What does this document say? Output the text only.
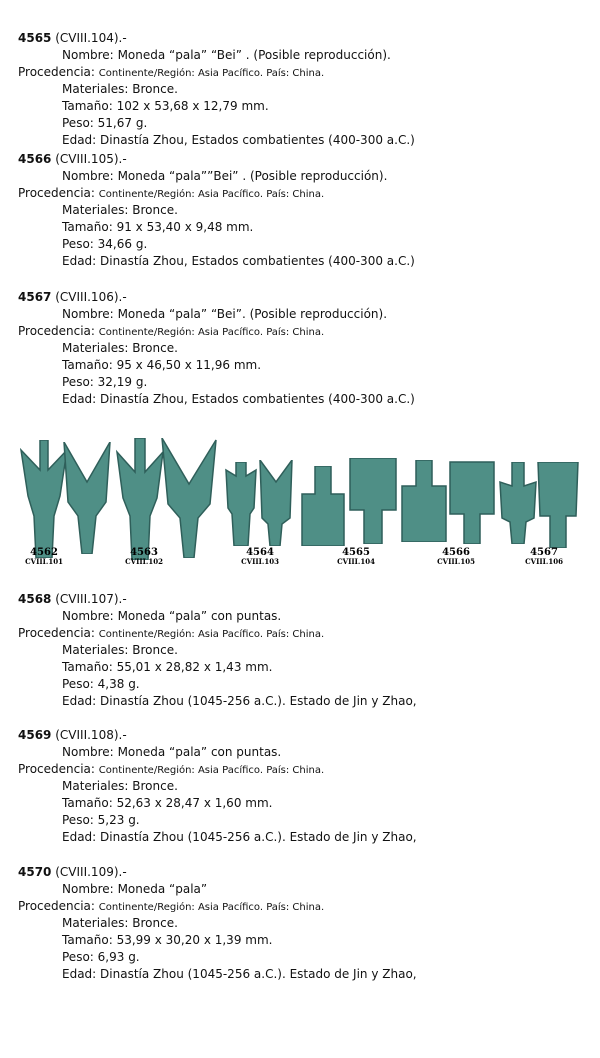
4565 (CVIII.104).-
Nombre: Moneda “pala” “Bei” . (Posible reproducción).
Procedencia: Continente/Región: Asia Pacífico. País: China.
Materiales: Bronce.
Tamaño: 102 x 53,68 x 12,79 mm.
Peso: 51,67 g.
Edad: Dinastía Zhou, Estados combatientes (400-300 a.C.)
4566 (CVIII.105).-
Nombre: Moneda “pala””Bei” . (Posible reproducción).
Procedencia: Continente/Región: Asia Pacífico. País: China.
Materiales: Bronce.
Tamaño: 91 x 53,40 x 9,48 mm.
Peso: 34,66 g.
Edad: Dinastía Zhou, Estados combatientes (400-300 a.C.)
4567 (CVIII.106).-
Nombre: Moneda “pala” “Bei”. (Posible reproducción).
Procedencia: Continente/Región: Asia Pacífico. País: China.
Materiales: Bronce.
Tamaño: 95 x 46,50 x 11,96 mm.
Peso: 32,19 g.
Edad: Dinastía Zhou, Estados combatientes (400-300 a.C.)
4562
CVIII.101
4563
CVIII.102
4564
CVIII.103
4565
CVIII.104
4566
CVIII.105
4567
CVIII.106
4568 (CVIII.107).-
Nombre: Moneda “pala” con puntas.
Procedencia: Continente/Región: Asia Pacífico. País: China.
Materiales: Bronce.
Tamaño: 55,01 x 28,82 x 1,43 mm.
Peso: 4,38 g.
Edad: Dinastía Zhou (1045-256 a.C.). Estado de Jin y Zhao,
4569 (CVIII.108).-
Nombre: Moneda “pala” con puntas.
Procedencia: Continente/Región: Asia Pacífico. País: China.
Materiales: Bronce.
Tamaño: 52,63 x 28,47 x 1,60 mm.
Peso: 5,23 g.
Edad: Dinastía Zhou (1045-256 a.C.). Estado de Jin y Zhao,
4570 (CVIII.109).-
Nombre: Moneda “pala”
Procedencia: Continente/Región: Asia Pacífico. País: China.
Materiales: Bronce.
Tamaño: 53,99 x 30,20 x 1,39 mm.
Peso: 6,93 g.
Edad: Dinastía Zhou (1045-256 a.C.). Estado de Jin y Zhao,
